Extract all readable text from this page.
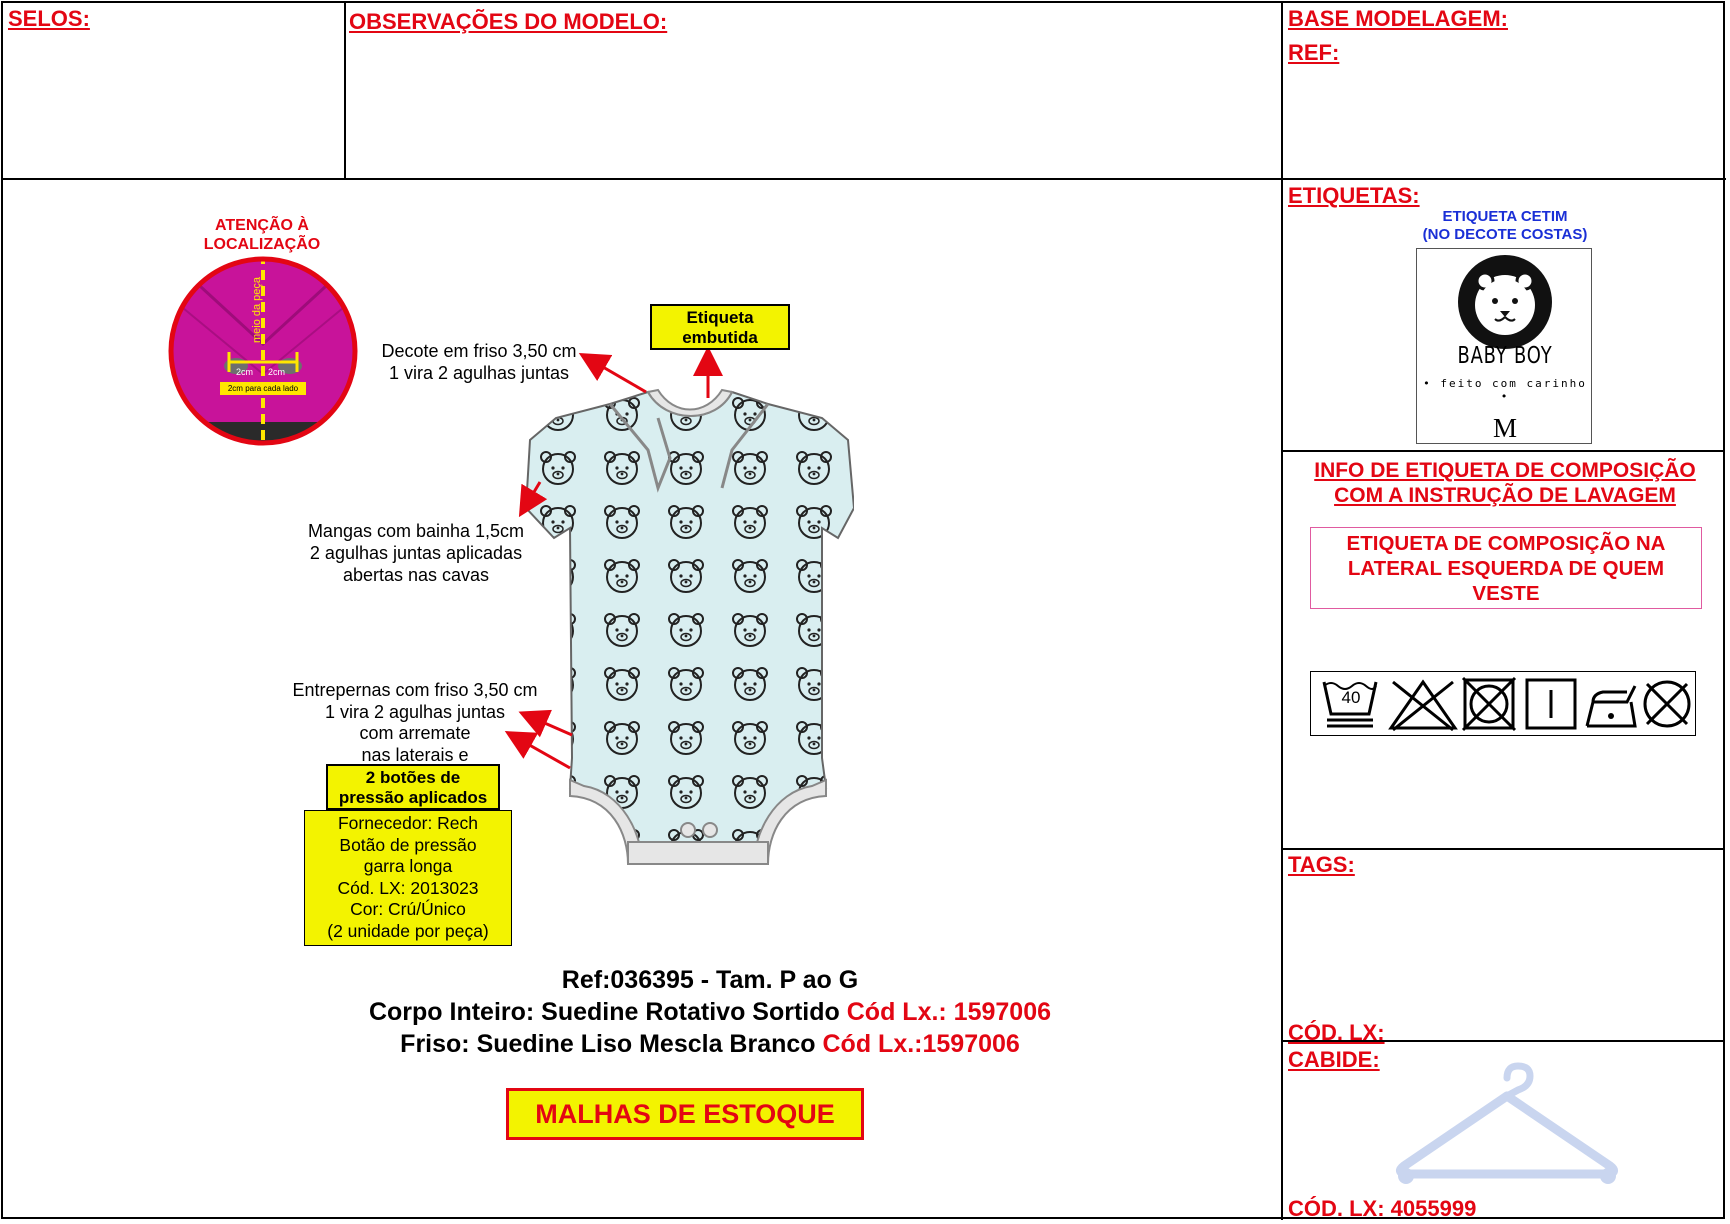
SELOS:	OBSERVAÇÕES DO MODELO:	BASE MODELAGEM:
REF:
ETIQUETAS:
TAGS:
CÓD. LX:
CABIDE:
CÓD. LX: 4055999
ATENÇÃO À
LOCALIZAÇÃO
meio da peça
2cm 2cm
2cm para cada lado
Etiqueta
embutida
Decote em friso 3,50 cm
1 vira 2 agulhas juntas
Mangas com bainha 1,5cm
2 agulhas juntas aplicadas
abertas nas cavas
Entrepernas com friso 3,50 cm
1 vira 2 agulhas juntas
com arremate
nas laterais e
2 botões de
pressão aplicados
Fornecedor: Rech
Botão de pressão
garra longa
Cód. LX: 2013023
Cor: Crú/Único
(2 unidade por peça)
Ref:036395 - Tam. P ao G
Corpo Inteiro: Suedine Rotativo Sortido Cód Lx.: 1597006
Friso: Suedine Liso Mescla Branco Cód Lx.:1597006
MALHAS DE ESTOQUE
ETIQUETA CETIM
(NO DECOTE COSTAS)
BABY BOY
• feito com carinho •
M
INFO DE ETIQUETA DE COMPOSIÇÃO
COM A INSTRUÇÃO DE LAVAGEM
ETIQUETA DE COMPOSIÇÃO NA
LATERAL ESQUERDA DE QUEM
VESTE
40
